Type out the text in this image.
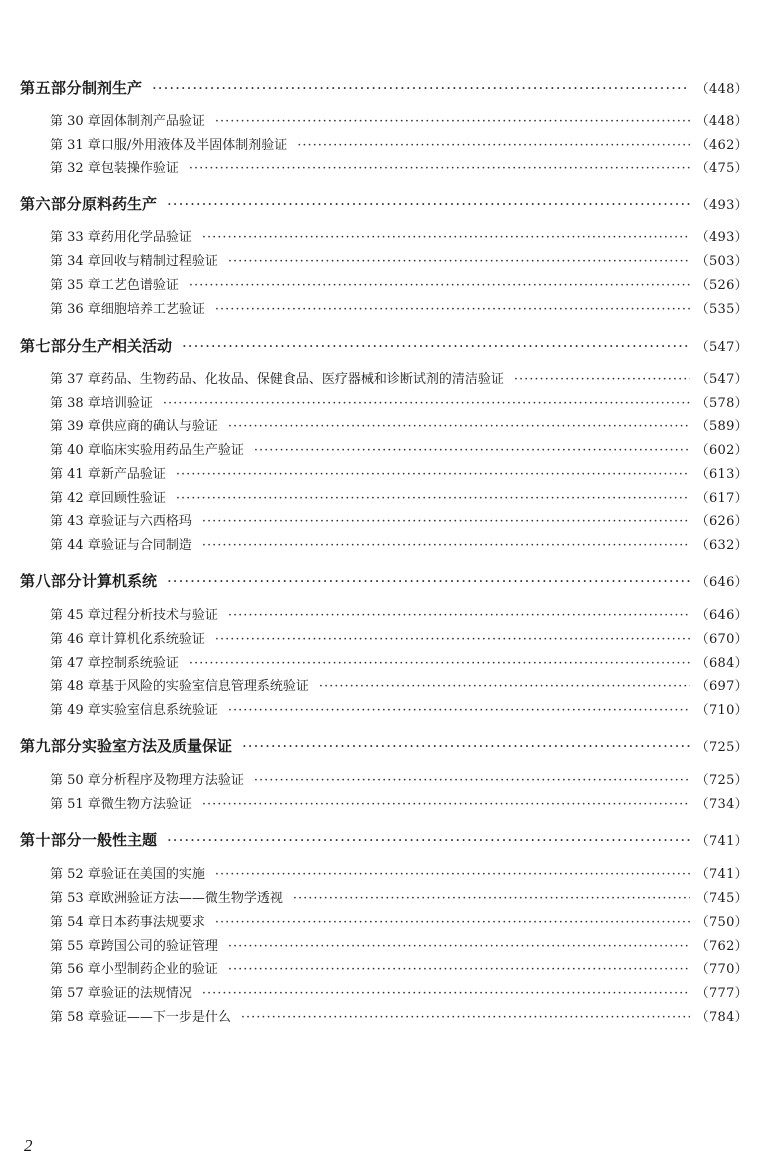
第五部分 制剂生产 ·····	（448）
第 30 章 固体制剂产品验证 ·····	（448）
第 31 章 口服/外用液体及半固体制剂验证 ·····	（462）
第 32 章 包装操作验证 ·····	（475）
第六部分 原料药生产 ·····	（493）
第 33 章 药用化学品验证 ·····	（493）
第 34 章 回收与精制过程验证 ·····	（503）
第 35 章 工艺色谱验证 ·····	（526）
第 36 章 细胞培养工艺验证 ·····	（535）
第七部分 生产相关活动 ·····	（547）
第 37 章 药品、生物药品、化妆品、保健食品、医疗器械和诊断试剂的清洁验证 ·····	（547）
第 38 章 培训验证 ·····	（578）
第 39 章 供应商的确认与验证 ·····	（589）
第 40 章 临床实验用药品生产验证 ·····	（602）
第 41 章 新产品验证 ·····	（613）
第 42 章 回顾性验证 ·····	（617）
第 43 章 验证与六西格玛 ·····	（626）
第 44 章 验证与合同制造 ·····	（632）
第八部分 计算机系统 ·····	（646）
第 45 章 过程分析技术与验证 ·····	（646）
第 46 章 计算机化系统验证 ·····	（670）
第 47 章 控制系统验证 ·····	（684）
第 48 章 基于风险的实验室信息管理系统验证 ·····	（697）
第 49 章 实验室信息系统验证 ·····	（710）
第九部分 实验室方法及质量保证 ·····	（725）
第 50 章 分析程序及物理方法验证 ·····	（725）
第 51 章 微生物方法验证 ·····	（734）
第十部分 一般性主题 ·····	（741）
第 52 章 验证在美国的实施 ·····	（741）
第 53 章 欧洲验证方法——微生物学透视 ·····	（745）
第 54 章 日本药事法规要求 ·····	（750）
第 55 章 跨国公司的验证管理 ·····	（762）
第 56 章 小型制药企业的验证 ·····	（770）
第 57 章 验证的法规情况 ·····	（777）
第 58 章 验证——下一步是什么 ·····	（784）
2
